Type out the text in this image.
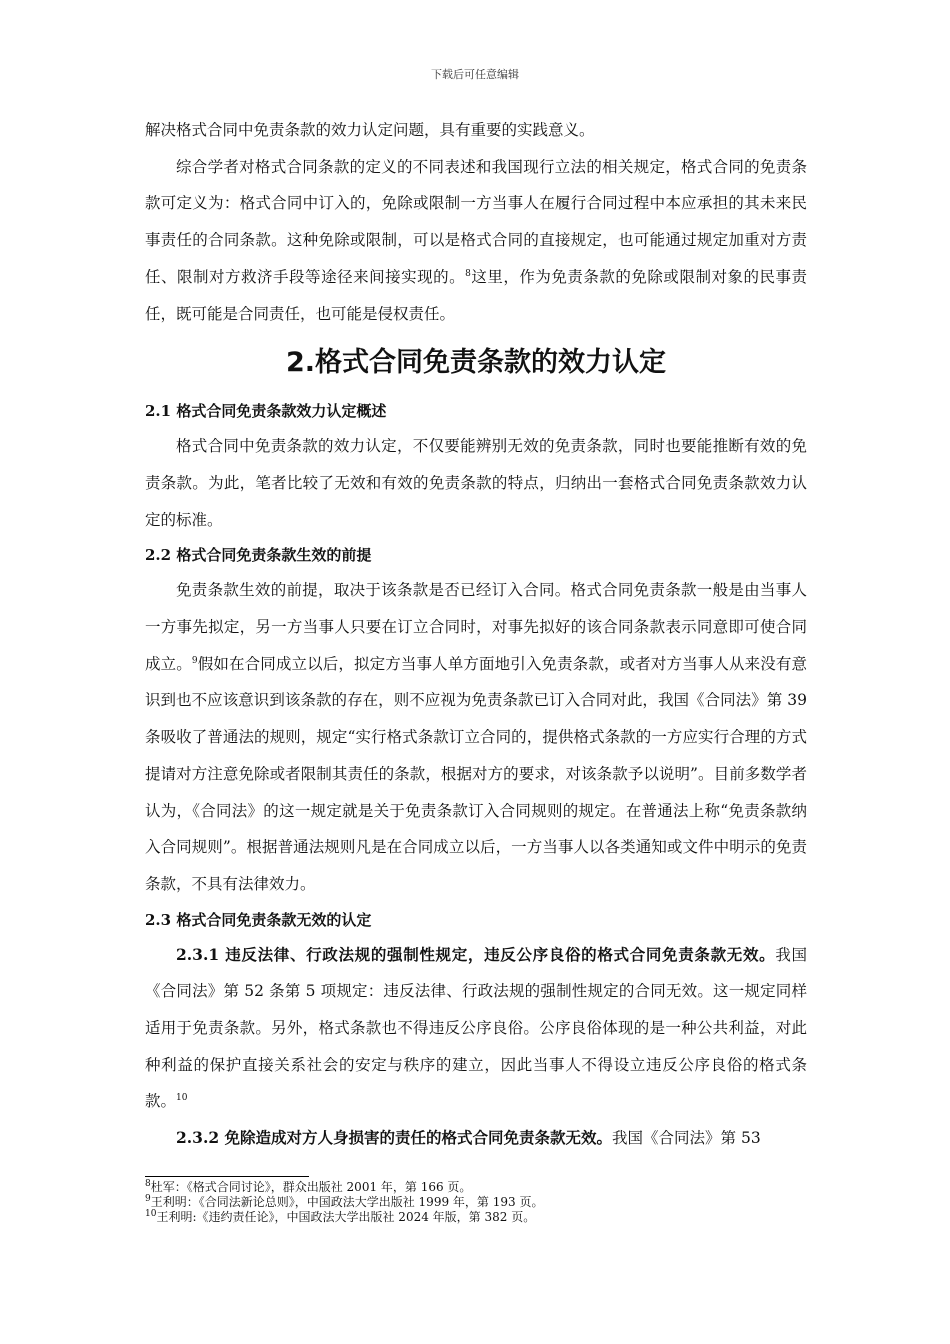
下载后可任意编辑

解决格式合同中免责条款的效力认定问题，具有重要的实践意义。

综合学者对格式合同条款的定义的不同表述和我国现行立法的相关规定，格式合同的免责条款可定义为：格式合同中订入的，免除或限制一方当事人在履行合同过程中本应承担的其未来民事责任的合同条款。这种免除或限制，可以是格式合同的直接规定，也可能通过规定加重对方责任、限制对方救济手段等途径来间接实现的。$^8$这里，作为免责条款的免除或限制对象的民事责任，既可能是合同责任，也可能是侵权责任。

2.格式合同免责条款的效力认定
2.1 格式合同免责条款效力认定概述

格式合同中免责条款的效力认定，不仅要能辨别无效的免责条款，同时也要能推断有效的免责条款。为此，笔者比较了无效和有效的免责条款的特点，归纳出一套格式合同免责条款效力认定的标准。

2.2 格式合同免责条款生效的前提

免责条款生效的前提，取决于该条款是否已经订入合同。格式合同免责条款一般是由当事人一方事先拟定，另一方当事人只要在订立合同时，对事先拟好的该合同条款表示同意即可使合同成立。$^9$假如在合同成立以后，拟定方当事人单方面地引入免责条款，或者对方当事人从来没有意识到也不应该意识到该条款的存在，则不应视为免责条款已订入合同对此，我国《合同法》第 39 条吸收了普通法的规则，规定“实行格式条款订立合同的，提供格式条款的一方应实行合理的方式提请对方注意免除或者限制其责任的条款，根据对方的要求，对该条款予以说明”。目前多数学者认为，《合同法》的这一规定就是关于免责条款订入合同规则的规定。在普通法上称“免责条款纳入合同规则”。根据普通法规则凡是在合同成立以后，一方当事人以各类通知或文件中明示的免责条款，不具有法律效力。

2.3 格式合同免责条款无效的认定

2.3.1 违反法律、行政法规的强制性规定，违反公序良俗的格式合同免责条款无效。我国《合同法》第 52 条第 5 项规定：违反法律、行政法规的强制性规定的合同无效。这一规定同样适用于免责条款。另外，格式条款也不得违反公序良俗。公序良俗体现的是一种公共利益，对此种利益的保护直接关系社会的安定与秩序的建立，因此当事人不得设立违反公序良俗的格式条款。$^{10}$

2.3.2 免除造成对方人身损害的责任的格式合同免责条款无效。我国《合同法》第 53

$^8$杜军：《格式合同讨论》，群众出版社 2001 年，第 166 页。

$^9$王利明：《合同法新论总则》，中国政法大学出版社 1999 年，第 193 页。

$^{10}$王利明:《违约责任论》，中国政法大学出版社 2024 年版，第 382 页。
